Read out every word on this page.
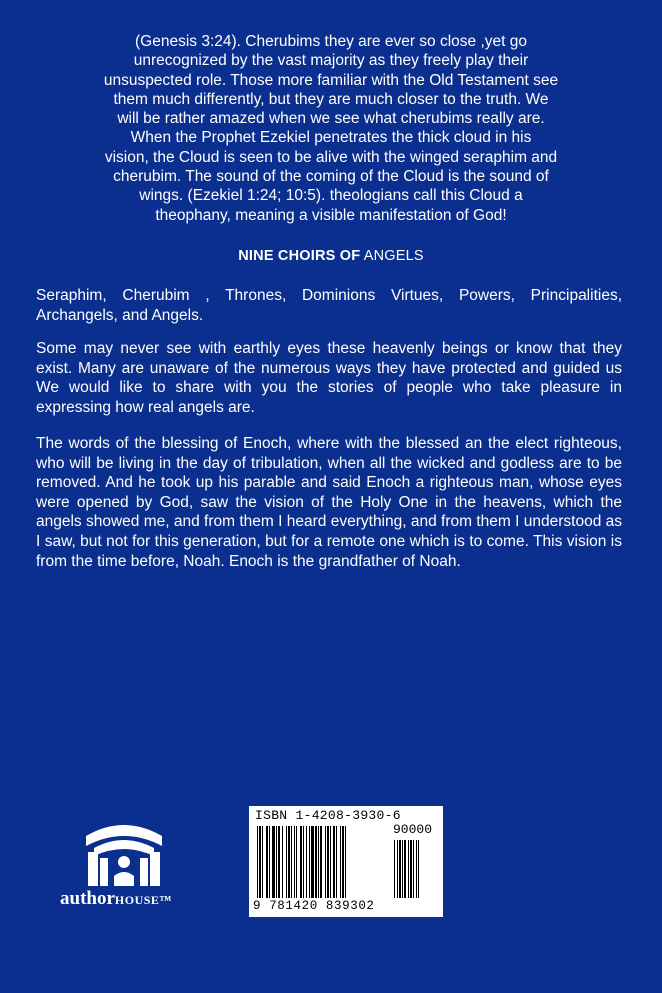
(Genesis 3:24). Cherubims they are ever so close ,yet go
unrecognized by the vast majority as they freely play their
unsuspected role. Those more familiar with the Old Testament see
them much differently, but they are much closer to the truth. We
will be rather amazed when we see what cherubims really are.
When the Prophet Ezekiel penetrates the thick cloud in his
vision, the Cloud is seen to be alive with the winged seraphim and
cherubim. The sound of the coming of the Cloud is the sound of
wings. (Ezekiel 1:24; 10:5). theologians call this Cloud a
theophany, meaning a visible manifestation of God!
NINE CHOIRS OF ANGELS

Seraphim, Cherubim , Thrones, Dominions Virtues, Powers, Principalities, Archangels, and Angels.

Some may never see with earthly eyes these heavenly beings or know that they exist. Many are unaware of the numerous ways they have protected and guided us We would like to share with you the stories of people who take pleasure in expressing how real angels are.

The words of the blessing of Enoch, where with the blessed an the elect righteous, who will be living in the day of tribulation, when all the wicked and godless are to be removed. And he took up his parable and said Enoch a righteous man, whose eyes were opened by God, saw the vision of the Holy One in the heavens, which the angels showed me, and from them I heard everything, and from them I understood as I saw, but not for this generation, but for a remote one which is to come. This vision is from the time before, Noah. Enoch is the grandfather of Noah.

authorHOUSE™
ISBN 1-4208-3930-6
90000
9 781420 839302
